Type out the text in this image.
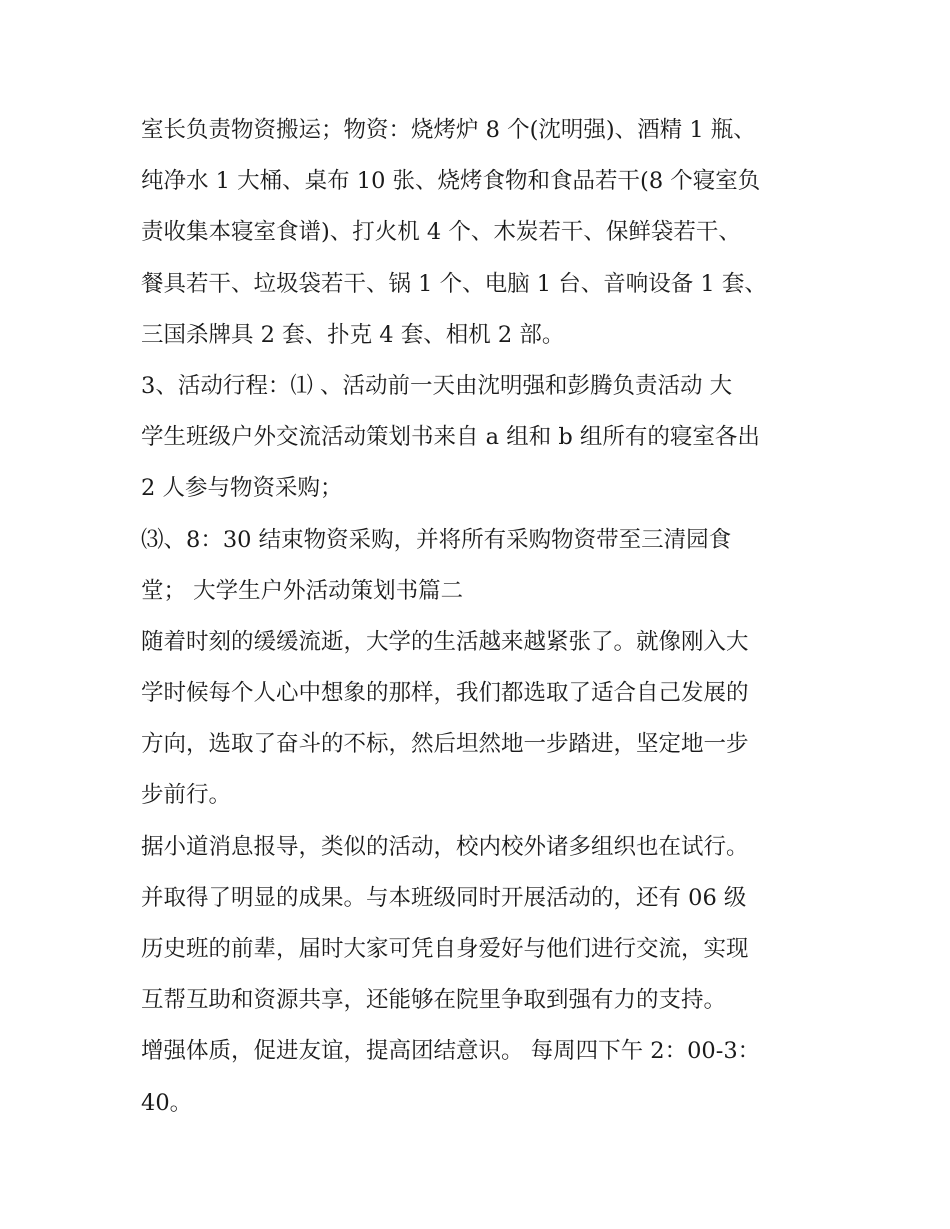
室长负责物资搬运；物资：烧烤炉 8 个(沈明强)、酒精 1 瓶、
纯净水 1 大桶、桌布 10 张、烧烤食物和食品若干(8 个寝室负
责收集本寝室食谱)、打火机 4 个、木炭若干、保鲜袋若干、
餐具若干、垃圾袋若干、锅 1 个、电脑 1 台、音响设备 1 套、
三国杀牌具 2 套、扑克 4 套、相机 2 部。
3、活动行程：⑴ 、活动前一天由沈明强和彭腾负责活动 大
学生班级户外交流活动策划书来自 a 组和 b 组所有的寝室各出
2 人参与物资采购；
⑶、8：30 结束物资采购，并将所有采购物资带至三清园食
堂； 大学生户外活动策划书篇二
随着时刻的缓缓流逝，大学的生活越来越紧张了。就像刚入大
学时候每个人心中想象的那样，我们都选取了适合自己发展的
方向，选取了奋斗的不标，然后坦然地一步踏进，坚定地一步
步前行。
据小道消息报导，类似的活动，校内校外诸多组织也在试行。
并取得了明显的成果。与本班级同时开展活动的，还有 06 级
历史班的前辈，届时大家可凭自身爱好与他们进行交流，实现
互帮互助和资源共享，还能够在院里争取到强有力的支持。
增强体质，促进友谊，提高团结意识。 每周四下午 2：00-3：
40。
